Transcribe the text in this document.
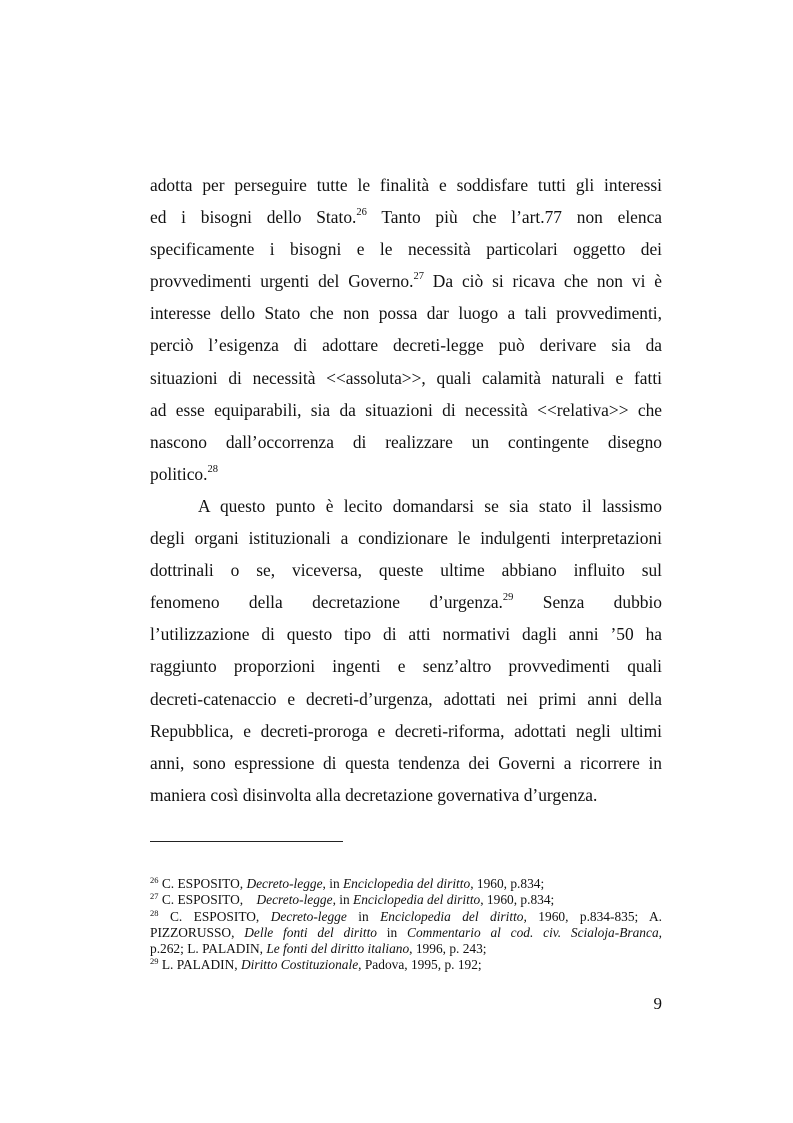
adotta per perseguire tutte le finalità e soddisfare tutti gli interessi
ed i bisogni dello Stato.$^{26}$ Tanto più che l’art.77 non elenca
specificamente i bisogni e le necessità particolari oggetto dei
provvedimenti urgenti del Governo.$^{27}$ Da ciò si ricava che non vi è
interesse dello Stato che non possa dar luogo a tali provvedimenti,
perciò l’esigenza di adottare decreti-legge può derivare sia da
situazioni di necessità <<assoluta>>, quali calamità naturali e fatti
ad esse equiparabili, sia da situazioni di necessità <<relativa>> che
nascono dall’occorrenza di realizzare un contingente disegno
politico.$^{28}$
A questo punto è lecito domandarsi se sia stato il lassismo
degli organi istituzionali a condizionare le indulgenti interpretazioni
dottrinali o se, viceversa, queste ultime abbiano influito sul
fenomeno della decretazione d’urgenza.$^{29}$ Senza dubbio
l’utilizzazione di questo tipo di atti normativi dagli anni ’50 ha
raggiunto proporzioni ingenti e senz’altro provvedimenti quali
decreti-catenaccio e decreti-d’urgenza, adottati nei primi anni della
Repubblica, e decreti-proroga e decreti-riforma, adottati negli ultimi
anni, sono espressione di questa tendenza dei Governi a ricorrere in
maniera così disinvolta alla decretazione governativa d’urgenza.
$^{26}$ C. ESPOSITO, Decreto-legge, in Enciclopedia del diritto, 1960, p.834;
$^{27}$ C. ESPOSITO,    Decreto-legge, in Enciclopedia del diritto, 1960, p.834;
$^{28}$ C. ESPOSITO, Decreto-legge in Enciclopedia del diritto, 1960, p.834-835; A.
PIZZORUSSO, Delle fonti del diritto in Commentario al cod. civ. Scialoja-Branca,
p.262; L. PALADIN, Le fonti del diritto italiano, 1996, p. 243;
$^{29}$ L. PALADIN, Diritto Costituzionale, Padova, 1995, p. 192;
9
